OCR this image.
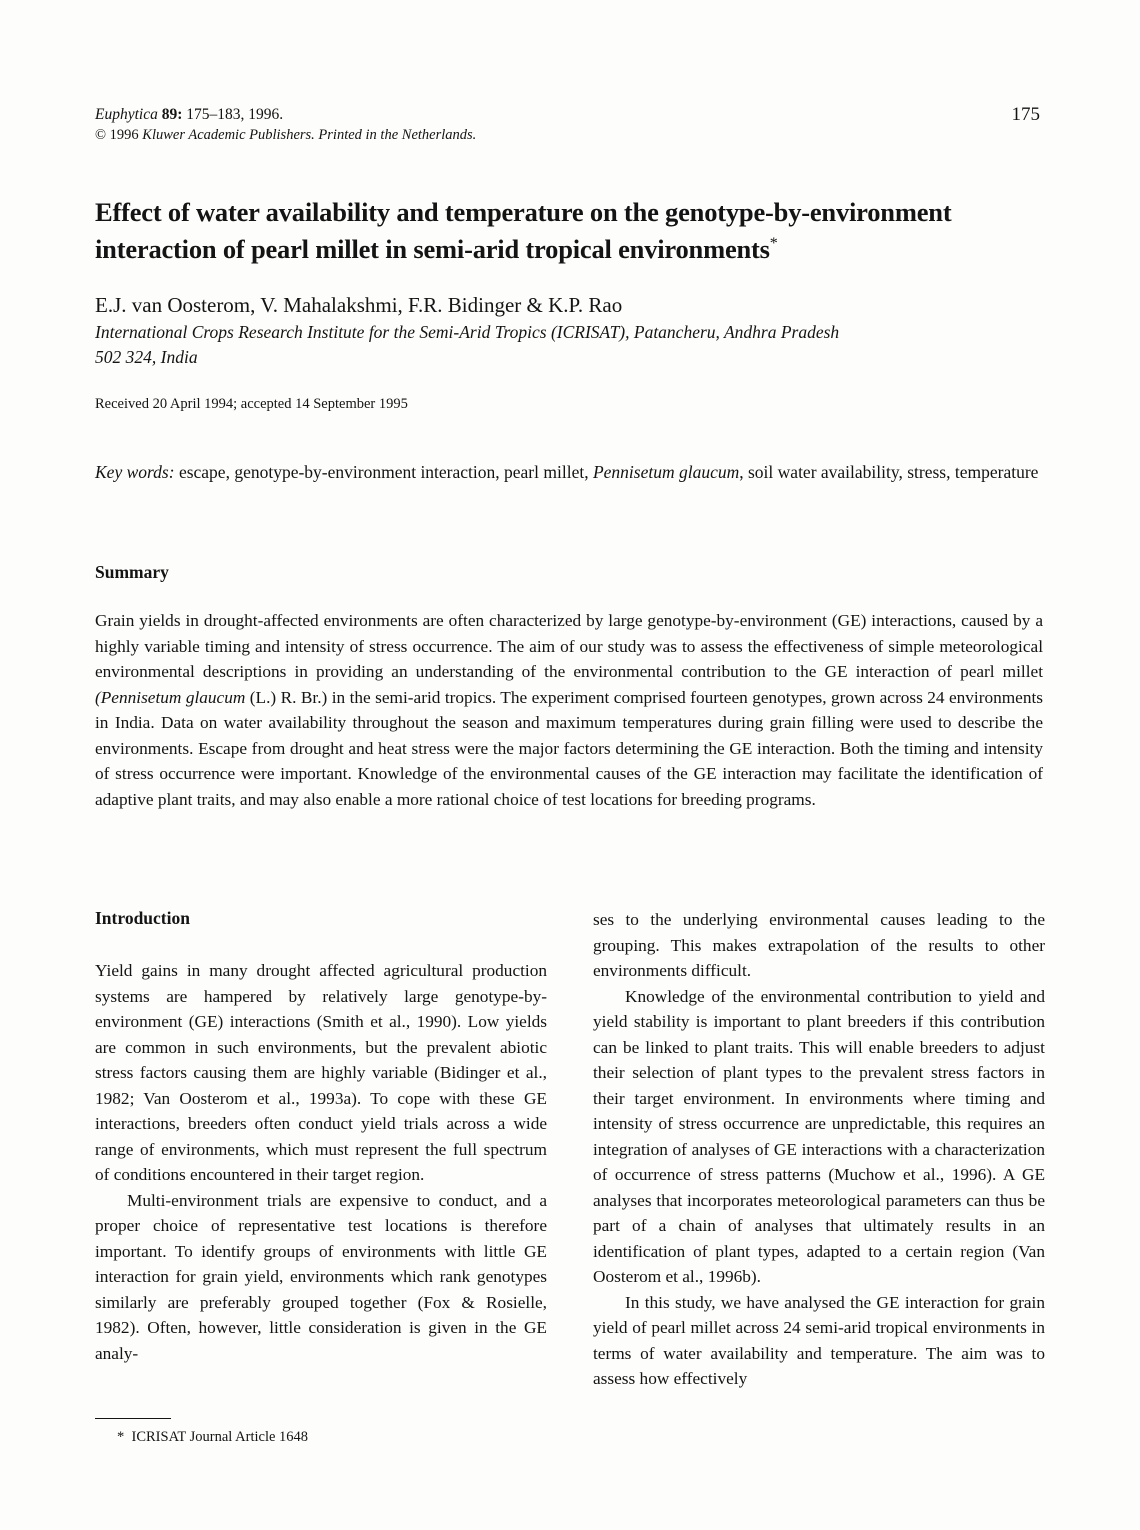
Euphytica 89: 175–183, 1996.
© 1996 Kluwer Academic Publishers. Printed in the Netherlands.
175
Effect of water availability and temperature on the genotype-by-environment interaction of pearl millet in semi-arid tropical environments*
E.J. van Oosterom, V. Mahalakshmi, F.R. Bidinger & K.P. Rao
International Crops Research Institute for the Semi-Arid Tropics (ICRISAT), Patancheru, Andhra Pradesh
502 324, India
Received 20 April 1994; accepted 14 September 1995
Key words: escape, genotype-by-environment interaction, pearl millet, Pennisetum glaucum, soil water availability, stress, temperature
Summary
Grain yields in drought-affected environments are often characterized by large genotype-by-environment (GE) interactions, caused by a highly variable timing and intensity of stress occurrence. The aim of our study was to assess the effectiveness of simple meteorological environmental descriptions in providing an understanding of the environmental contribution to the GE interaction of pearl millet (Pennisetum glaucum (L.) R. Br.) in the semi-arid tropics. The experiment comprised fourteen genotypes, grown across 24 environments in India. Data on water availability throughout the season and maximum temperatures during grain filling were used to describe the environments. Escape from drought and heat stress were the major factors determining the GE interaction. Both the timing and intensity of stress occurrence were important. Knowledge of the environmental causes of the GE interaction may facilitate the identification of adaptive plant traits, and may also enable a more rational choice of test locations for breeding programs.
Introduction

Yield gains in many drought affected agricultural production systems are hampered by relatively large genotype-by-environment (GE) interactions (Smith et al., 1990). Low yields are common in such environments, but the prevalent abiotic stress factors causing them are highly variable (Bidinger et al., 1982; Van Oosterom et al., 1993a). To cope with these GE interactions, breeders often conduct yield trials across a wide range of environments, which must represent the full spectrum of conditions encountered in their target region.

Multi-environment trials are expensive to conduct, and a proper choice of representative test locations is therefore important. To identify groups of environments with little GE interaction for grain yield, environments which rank genotypes similarly are preferably grouped together (Fox & Rosielle, 1982). Often, however, little consideration is given in the GE analy-

ses to the underlying environmental causes leading to the grouping. This makes extrapolation of the results to other environments difficult.

Knowledge of the environmental contribution to yield and yield stability is important to plant breeders if this contribution can be linked to plant traits. This will enable breeders to adjust their selection of plant types to the prevalent stress factors in their target environment. In environments where timing and intensity of stress occurrence are unpredictable, this requires an integration of analyses of GE interactions with a characterization of occurrence of stress patterns (Muchow et al., 1996). A GE analyses that incorporates meteorological parameters can thus be part of a chain of analyses that ultimately results in an identification of plant types, adapted to a certain region (Van Oosterom et al., 1996b).

In this study, we have analysed the GE interaction for grain yield of pearl millet across 24 semi-arid tropical environments in terms of water availability and temperature. The aim was to assess how effectively

* ICRISAT Journal Article 1648
